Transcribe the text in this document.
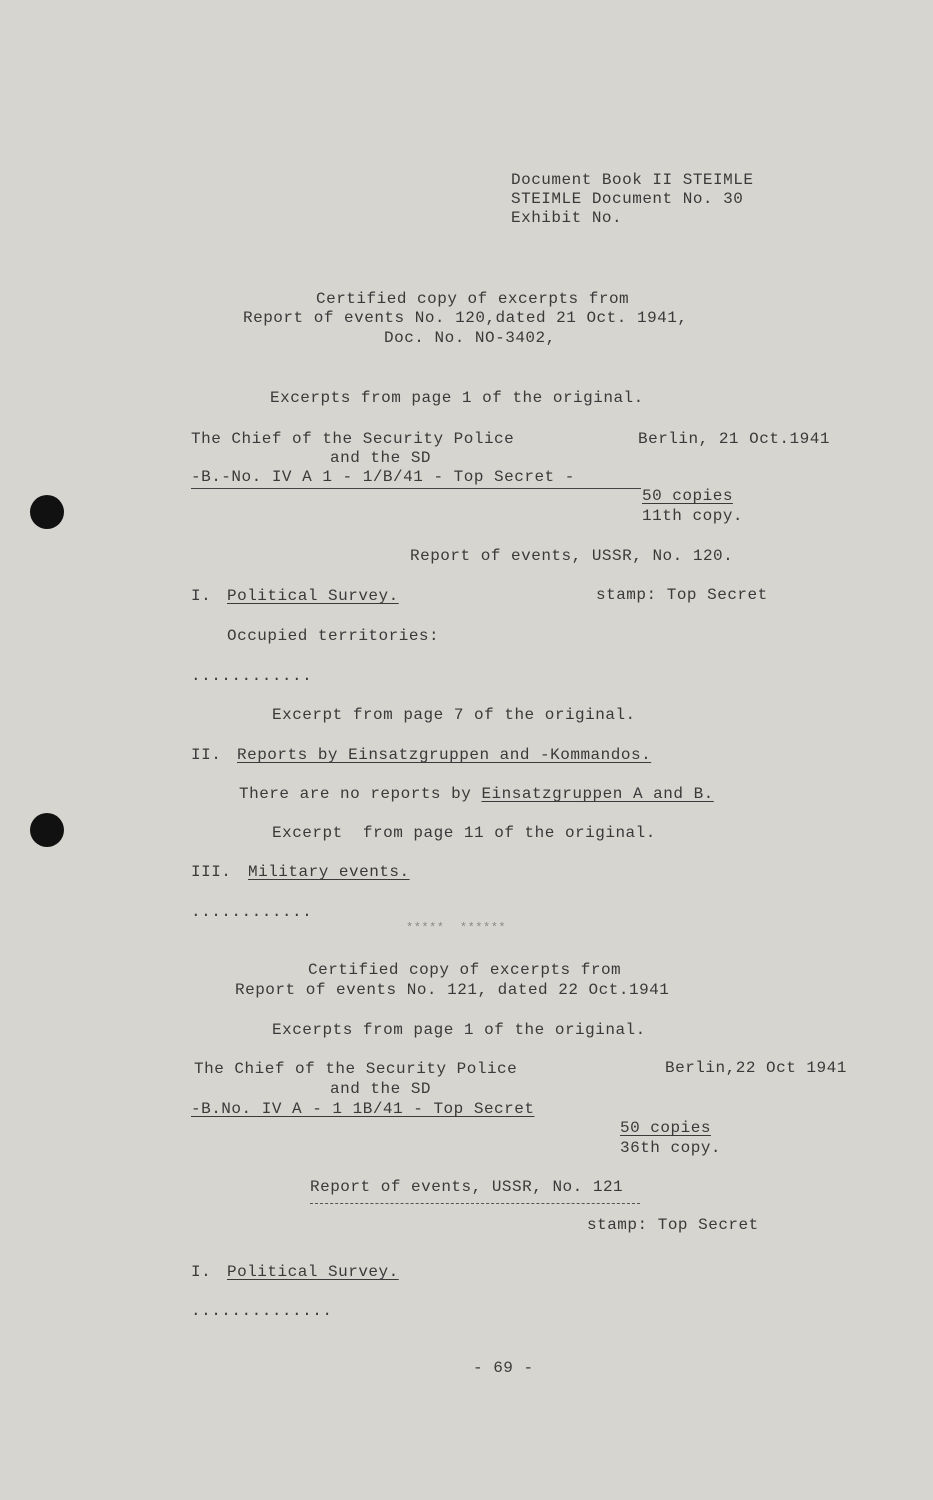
Document Book II STEIMLE
STEIMLE Document No. 30
Exhibit No.
Certified copy of excerpts from
Report of events No. 120,dated 21 Oct. 1941,
Doc. No. NO-3402,
Excerpts from page 1 of the original.
The Chief of the Security Police	Berlin, 21 Oct.1941
and the SD
-B.-No. IV A 1 - 1/B/41 - Top Secret -
50 copies
11th copy.
Report of events, USSR, No. 120.
I. Political Survey.	stamp: Top Secret
Occupied territories:
............
Excerpt from page 7 of the original.
II. Reports by Einsatzgruppen and -Kommandos.
There are no reports by Einsatzgruppen A and B.
Excerpt  from page 11 of the original.
III. Military events.
............
*****  ******
Certified copy of excerpts from
Report of events No. 121, dated 22 Oct.1941
Excerpts from page 1 of the original.
The Chief of the Security Police	Berlin,22 Oct 1941
and the SD
-B.No. IV A - 1 1B/41 - Top Secret
50 copies
36th copy.
Report of events, USSR, No. 121
stamp: Top Secret
I. Political Survey.
..............
- 69 -
